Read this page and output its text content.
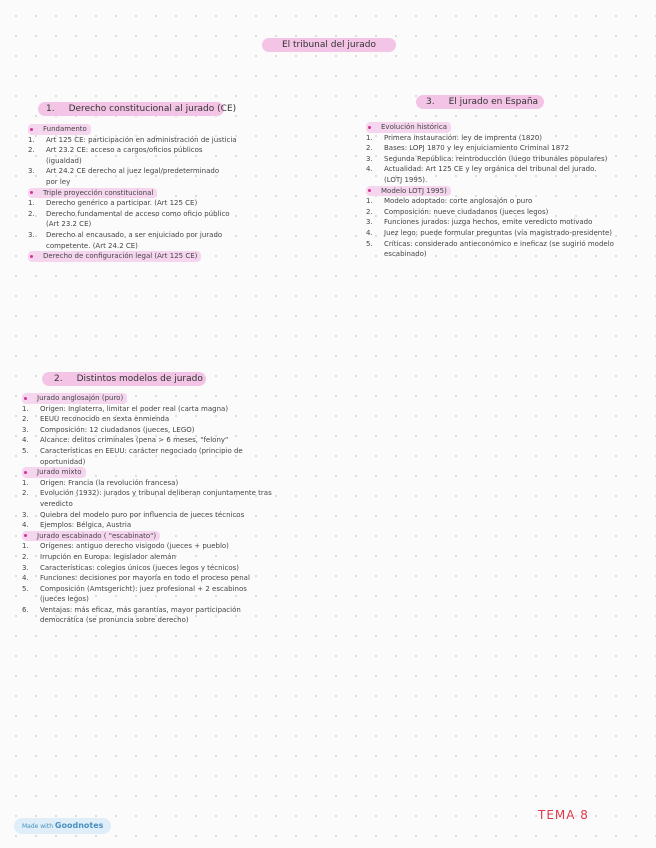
El tribunal del jurado
1. Derecho constitucional al jurado (CE)
Fundamento
1.	Art 125 CE: participación en administración de justicia
2.	Art 23.2 CE: acceso a cargos/oficios públicos
(igualdad)
3.	Art 24.2 CE derecho al juez legal/predeterminado
por ley
Triple proyección constitucional
1.	Derecho genérico a participar. (Art 125 CE)
2.	Derecho fundamental de acceso como oficio público
(Art 23.2 CE)
3.	Derecho al encausado, a ser enjuiciado por jurado
competente. (Art 24.2 CE)
Derecho de configuración legal (Art 125 CE)
2. Distintos modelos de jurado
Jurado anglosajón (puro)
1.	Origen: Inglaterra, limitar el poder real (carta magna)
2.	EEUU reconocido en sexta enmienda
3.	Composición: 12 ciudadanos (jueces, LEGO)
4.	Alcance: delitos criminales (pena > 6 meses, "felony"
5.	Características en EEUU: carácter negociado (principio de
oportunidad)
Jurado mixto
1.	Origen: Francia (la revolución francesa)
2.	Evolución (1932): jurados y tribunal deliberan conjuntamente tras
veredicto
3.	Quiebra del modelo puro por influencia de jueces técnicos
4.	Ejemplos: Bélgica, Austria
Jurado escabinado ( "escabinato")
1.	Orígenes: antiguo derecho visigodo (jueces + pueblo)
2.	Irrupción en Europa: legislador alemán
3.	Características: colegios únicos (jueces legos y técnicos)
4.	Funciones: decisiones por mayoría en todo el proceso penal
5.	Composición (Amtsgericht): juez profesional + 2 escabinos
(jueces legos)
6.	Ventajas: más eficaz, más garantías, mayor participación
democrática (se pronuncia sobre derecho)
3. El jurado en España
Evolución histórica
1.	Primera instauración: ley de imprenta (1820)
2.	Bases: LOPJ 1870 y ley enjuiciamiento Criminal 1872
3.	Segunda República: reintroducción (luego tribunales populares)
4.	Actualidad: Art 125 CE y ley orgánica del tribunal del jurado.
(LOTJ 1995).
Modelo LOTJ 1995)
1.	Modelo adoptado: corte anglosajón o puro
2.	Composición: nueve ciudadanos (jueces legos)
3.	Funciones jurados: juzga hechos, emite veredicto motivado
4.	Juez lego: puede formular preguntas (vía magistrado-presidente)
5.	Críticas: considerado antieconómico e ineficaz (se sugirió modelo
escabinado)
TEMA 8
Made with Goodnotes
